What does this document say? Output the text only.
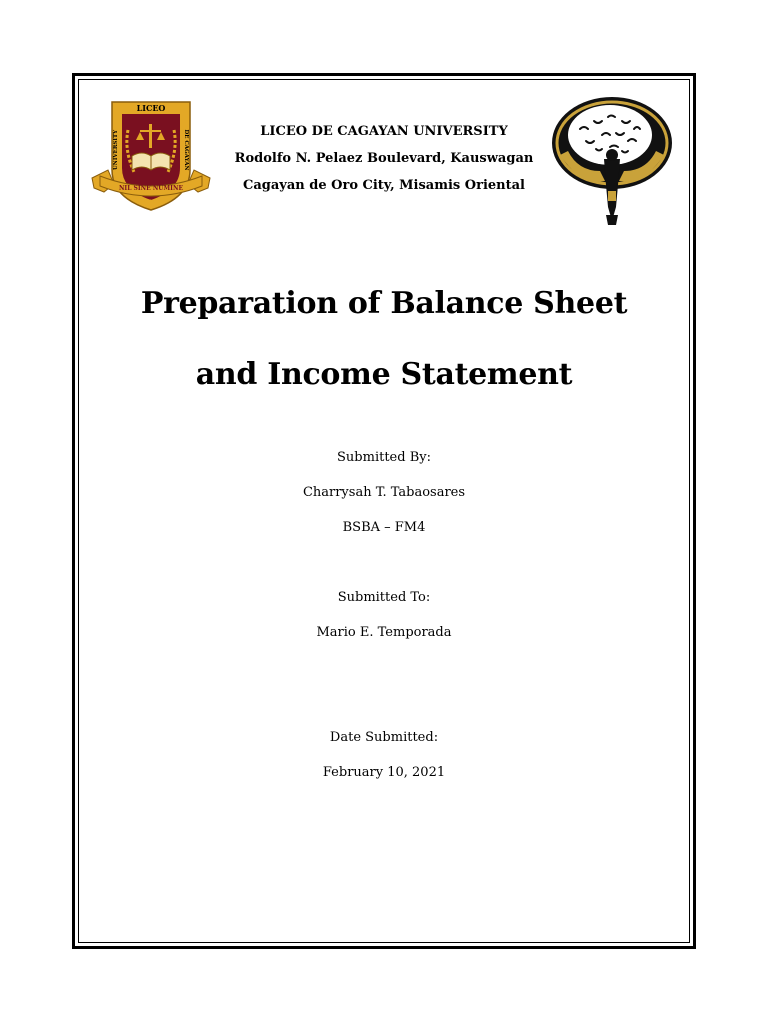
LICEO
UNIVERSITY	DE CAGAYAN
NIL SINE NUMINE
MCMLV
LICEO DE CAGAYAN UNIVERSITY
Rodolfo N. Pelaez Boulevard, Kauswagan
Cagayan de Oro City, Misamis Oriental
Preparation of Balance Sheet
and Income Statement
Submitted By:
Charrysah T. Tabaosares
BSBA – FM4
Submitted To:
Mario E. Temporada
Date Submitted:
February 10, 2021
